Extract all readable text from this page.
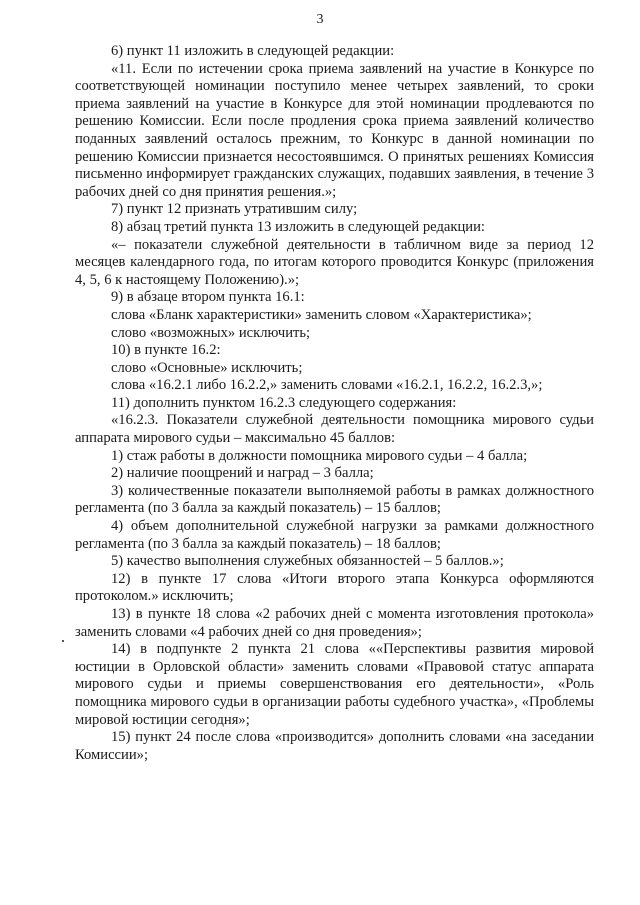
3

6) пункт 11 изложить в следующей редакции:

«11. Если по истечении срока приема заявлений на участие в Конкурсе по соответствующей номинации поступило менее четырех заявлений, то сроки приема заявлений на участие в Конкурсе для этой номинации продлеваются по решению Комиссии. Если после продления срока приема заявлений количество поданных заявлений осталось прежним, то Конкурс в данной номинации по решению Комиссии признается несостоявшимся. О принятых решениях Комиссия письменно информирует гражданских служащих, подавших заявления, в течение 3 рабочих дней со дня принятия решения.»;

7) пункт 12 признать утратившим силу;

8) абзац третий пункта 13 изложить в следующей редакции:

«– показатели служебной деятельности в табличном виде за период 12 месяцев календарного года, по итогам которого проводится Конкурс (приложения 4, 5, 6 к настоящему Положению).»;

9) в абзаце втором пункта 16.1:

слова «Бланк характеристики» заменить словом «Характеристика»;

слово «возможных» исключить;

10) в пункте 16.2:

слово «Основные» исключить;

слова «16.2.1 либо 16.2.2,» заменить словами «16.2.1, 16.2.2, 16.2.3,»;

11) дополнить пунктом 16.2.3 следующего содержания:

«16.2.3. Показатели служебной деятельности помощника мирового судьи аппарата мирового судьи – максимально 45 баллов:

1) стаж работы в должности помощника мирового судьи – 4 балла;

2) наличие поощрений и наград – 3 балла;

3) количественные показатели выполняемой работы в рамках должностного регламента (по 3 балла за каждый показатель) – 15 баллов;

4) объем дополнительной служебной нагрузки за рамками должностного регламента (по 3 балла за каждый показатель) – 18 баллов;

5) качество выполнения служебных обязанностей – 5 баллов.»;

12) в пункте 17 слова «Итоги второго этапа Конкурса оформляются протоколом.» исключить;

13) в пункте 18 слова «2 рабочих дней с момента изготовления протокола» заменить словами «4 рабочих дней со дня проведения»;

14) в подпункте 2 пункта 21 слова ««Перспективы развития мировой юстиции в Орловской области» заменить словами «Правовой статус аппарата мирового судьи и приемы совершенствования его деятельности», «Роль помощника мирового судьи в организации работы судебного участка», «Проблемы мировой юстиции сегодня»;

15) пункт 24 после слова «производится» дополнить словами «на заседании Комиссии»;
